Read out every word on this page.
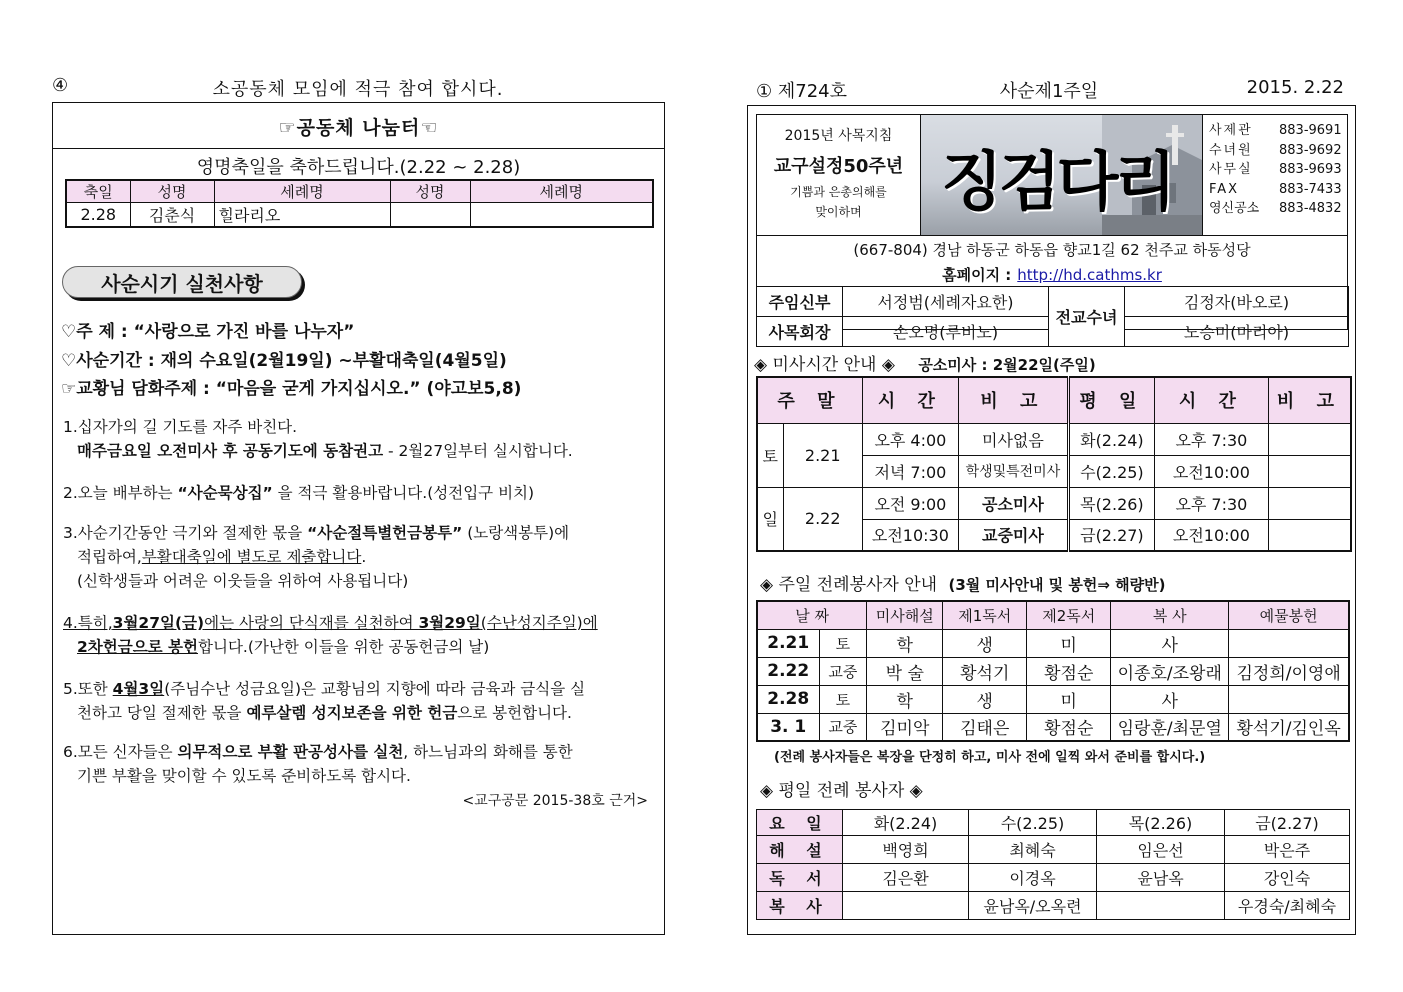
④	소공동체 모임에 적극 참여 합시다.
☞공동체 나눔터☜
영명축일을 축하드립니다.(2.22 ~ 2.28)
축일	성명	세례명	성명	세례명
2.28	김춘식	힐라리오		
사순시기 실천사항
♡주 제 : “사랑으로 가진 바를 나누자”
♡사순기간 : 재의 수요일(2월19일) ~부활대축일(4월5일)
☞교황님 담화주제 : “마음을 굳게 가지십시오.” (야고보5,8)
1.십자가의 길 기도를 자주 바친다.
매주금요일 오전미사 후 공동기도에 동참권고 - 2월27일부터 실시합니다.
2.오늘 배부하는 “사순묵상집” 을 적극 활용바랍니다.(성전입구 비치)
3.사순기간동안 극기와 절제한 몫을 “사순절특별헌금봉투” (노랑색봉투)에
적립하여,부활대축일에 별도로 제출합니다.
(신학생들과 어려운 이웃들을 위하여 사용됩니다)
4.특히,3월27일(금)에는 사랑의 단식재를 실천하여 3월29일(수난성지주일)에
2차헌금으로 봉헌합니다.(가난한 이들을 위한 공동헌금의 날)
5.또한 4월3일(주님수난 성금요일)은 교황님의 지향에 따라 금육과 금식을 실
천하고 당일 절제한 몫을 예루살렘 성지보존을 위한 헌금으로 봉헌합니다.
6.모든 신자들은 의무적으로 부활 판공성사를 실천, 하느님과의 화해를 통한
기쁜 부활을 맞이할 수 있도록 준비하도록 합시다.
<교구공문 2015-38호 근거>
① 제724호	사순제1주일	2015. 2.22
2015년 사목지침
교구설정50주년
기쁨과 은총의해를
맞이하며	징검다리
사제관	883-9691
수녀원	883-9692
사무실	883-9693
FAX	883-7433
영신공소	883-4832
(667-804) 경남 하동군 하동읍 향교1길 62 천주교 하동성당
홈페이지 : http://hd.cathms.kr
주임신부	서정범(세례자요한)	전교수녀	김정자(바오로)
사목회장	손오명(루비노)		노승미(마리아)
◈ 미사시간 안내 ◈ 공소미사 : 2월22일(주일)
주 말		시 간	비 고	평 일	시 간	비 고
토	2.21	오후 4:00	미사없음	화(2.24)	오후 7:30	
		저녁 7:00	학생및특전미사	수(2.25)	오전10:00	
일	2.22	오전 9:00	공소미사	목(2.26)	오후 7:30	
		오전10:30	교중미사	금(2.27)	오전10:00	
◈ 주일 전례봉사자 안내 (3월 미사안내 및 봉헌⇒ 해량반)
날 짜		미사해설	제1독서	제2독서	복 사	예물봉헌
2.21	토	학	생	미	사	
2.22	교중	박 술	황석기	황점순	이종호/조왕래	김정희/이영애
2.28	토	학	생	미	사	
3. 1	교중	김미악	김태은	황점순	임랑훈/최문열	황석기/김인옥
(전례 봉사자들은 복장을 단정히 하고, 미사 전에 일찍 와서 준비를 합시다.)
◈ 평일 전례 봉사자 ◈
요 일	화(2.24)	수(2.25)	목(2.26)	금(2.27)
해 설	백영희	최혜숙	임은선	박은주
독 서	김은환	이경옥	윤남옥	강인숙
복 사		윤남옥/오옥련		우경숙/최혜숙
